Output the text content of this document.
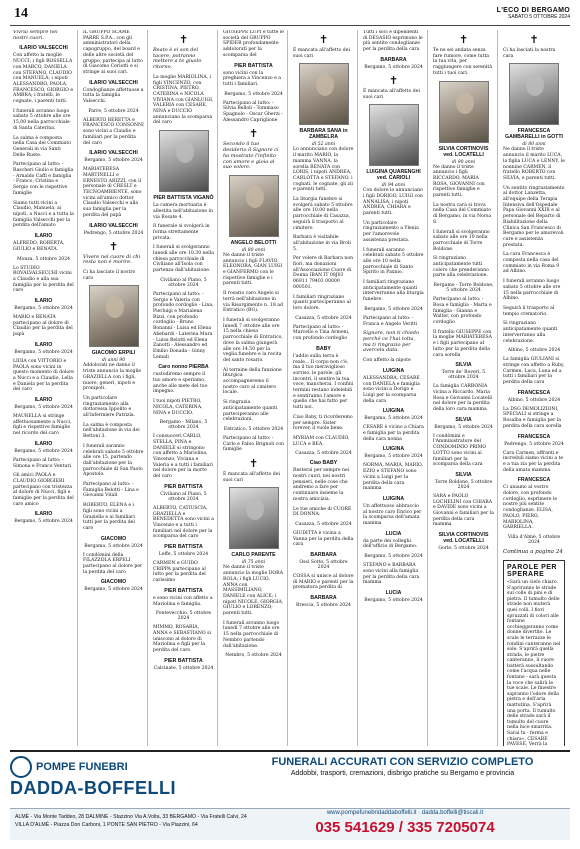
14	L'ECO DI BERGAMO
SABATO 5 OTTOBRE 2024
Vivrai sempre nei nostri cuori.
ILARIO VALSECCHI
Con affetto la moglie NUCCI; i figli ROSSELLA con MARCO, DANIELA con STEFANO, CLAUDIO con MANUELA; i nipoti ALESSANDRO, PAOLA, FRANCESCO, GIORGIO e AMBRA; i fratelli, le cognate, i parenti tutti.
I funerali avranno luogo sabato 5 ottobre alle ore 15,00 nella parrocchiale di Santa Caterina.
La salma è composta nella Casa del Commiato Generali in via Santi Delle Ruste.
Partecipano al lutto: - Rascheri Giulio e famiglia - Arnaldo Caffi e famiglia - Franco, Cristina e Sergio con le rispettive famiglie
Siamo tutti vicini a Claudio, Manuela, ai nipoti, a Nucci e a tutta la famiglia Valsecchi per la perdita dell'amato
ILARIO
ALFREDO, ROBERTA, GIULIO e RENATA.
Monza, 5 ottobre 2024
Lo STUDIO ROVALVALSECCHI vicini a Claudio e alla sua famiglia per la perdita del caro
ILARIO
Bergamo, 5 ottobre 2024
MARIO e RENATA partecipano al dolore di Claudio per la perdita del papà
ILARIO
Bergamo, 5 ottobre 2024
LIDIA con VITTORIO e PAOLA sono vicini in questo momento di dolore a Nucci e a Claudio, Lella e Daniela per la perdita del caro
ILARIO
Bergamo, 5 ottobre 2024
MAURELLA si stringe affettuosamente a Nucci, figli e rispettive famiglie nel ricordo del caro
ILARIO
Bergamo, 5 ottobre 2024
Partecipano al lutto: - Simona e Franco Venturi
Gli amici PAOLA e CLAUDIO GIORGIERI partecipano con tristezza al dolore di Nucci, figli e famiglie per la perdita del caro amico
ILARIO
Bergamo, 5 ottobre 2024
IL GRUPPO SCAME PARRE S.P.A., con gli amministratori della capogruppo, del board e delle altre società del gruppo, partecipa al lutto di Giacomo Ceriotti e si stringe ai suoi cari.
ILARIO VALSECCHI
Condoglianze affettuose a tutta la famiglia Valsecchi.
Parre, 5 ottobre 2024
ALBERTO BERETTA e FRANCESCO CONSONNI sono vicini a Claudio e familiari per la perdita del caro
ILARIO VALSECCHI
Bergamo, 5 ottobre 2024
MARIATERESA MARTINELLI e ERNESTO ARIZZI, con il personale di CRESLT e TECNOAMBIENTE, sono vicini all'amico dottor Claudio Valsecchi e alla sua famiglia per la perdita del papà
ILARIO VALSECCHI
Pedrengo, 5 ottobre 2024
✝
Vivere nel cuore di chi resta non è morire.
Ci ha lasciato il nostro caro
GIACOMO ERPILI
di anni 90
Addolorati ne danno il triste annuncio la moglie GRAZIELLA con i figli, nuore, generi, nipoti e pronipoti.
Un particolare ringraziamento alla dottoressa Ippolito e all'infermiere Patrizia.
La salma è composta nell'abitazione in via dei Bettoni 3.
I funerali saranno celebrati sabato 5 ottobre alle ore 15, partendo dall'abitazione per la parrocchiale di San Paolo Apostolo.
Partecipano al lutto: - Famiglia Belotti - Lina e Giovanni Vitali
ROBERTO, ELENA e i figli sono vicini a Graziella e ai familiari tutti per la perdita del caro
GIACOMO
Bergamo, 5 ottobre 2024
I condòmini della FILAZZOLA ERPELI partecipano al dolore per la perdita del caro
GIACOMO
Bergamo, 5 ottobre 2024
✝
Beato è ei son del tacere, potranno mettere a te giusto ritorno.
La moglie MARIOLINA, i figli VINCENZO, con CRISTINA, PIETRO, CATERINA e NICOLA VIVIANA con GIANLUIGI, VALERIA con CESARE, NINA e DUCCIO annunciano la scomparsa del caro
PIER BATTISTA VIGANÒ
La camera mortuaria è allestita nell'abitazione in via Rosate 4.
Il funerale si svolgerà in forma strettamente privata.
I funerali si svolgeranno lunedì alle ore 10.30 nella chiesa parrocchiale di Civiliano all'Isola con partenza dall'abitazione.
Civiliano al Piano, 5 ottobre 2024
Partecipano al lutto: - Sergio e Valeria con profondo cordoglio - Lina, Pierluigi e Marialena Rizzi, con profondo cordoglio - Bruno Bonanni - Luisa ed Elena Abebardi - Laterina Mura - Luisa Belotti ed Elena Zanotti - Alessandro ed Emilio Donada - Ginny Lemali
Caro nonno PIERBA
custodiremo sempre il tuo amore e speriamo, anche alle mete del tuo impegno.
I tuoi nipoti PIETRO, NICOLA, CATERINA, NINA e DUCCIO.
Bergamo - Milano, 5 ottobre 2024
I consuoceri CARLO, STELLA, PINA e DANIELE si stringono con affetto a Mariolina, Vincenzo, Viviana e Valeria e a tutti i familiari nel dolore per la morte del caro
PIER BATTISTA
Civiliano al Piano, 5 ottobre 2024
ALBERTO, CATIUSCIA, GRAZIELLA e BENEDETTA sono vicini a Vincenzo e a tutti i familiari nel dolore per la scomparsa del caro
PIER BATTISTA
Leffe, 5 ottobre 2024
CARMEN e GUIDO CRIPPA partecipano al lutto per la perdita del carissimo
PIER BATTISTA
e sono vicini con affetto a Mariolina e famiglia.
Pontevecchio, 5 ottobre 2024
MIMMO, ROSARIA, ANNA e SEBASTIANO si uniscono al dolore di Mariolina e figli per la perdita del caro
PIER BATTISTA
Calcinate, 5 ottobre 2024
GIUSEPPE LUPI e tutte le società del GRUPPO SPIDER profondamente addolorati per la scomparsa del
PIER BATTISTA
sono vicini con la preghiera a Vincenzo e a tutti i familiari.
Bergamo, 5 ottobre 2024
Partecipano al lutto: - Silvia Belloli - Tommaso Spagnolo - Oscar Gherzi - Alessandro Capriglione
✝
Secondo il tuo desiderio il Signore ci ha mostrato l'infinito con amore e gioia al suo volere.
ANGELO BELOTTI
di 80 anni
Ne danno il triste annuncio i figli FLAVIO, ELEONORA, GIAN LUIGI e GIANFERMO con le rispettive famiglie e i parenti tutti.
Il rosario caro Angelo si terrà nell'abitazione in via Risorgimento n. 18 ad Entratico (BG).
I funerali si svolgeranno lunedì 7 ottobre alle ore 15 nella chiesa parrocchiale di Entratico, dove la salma giungerà alle ore 14.50 per la veglia funebre e la recita del santo rosario.
Al termine della funzione liturgica accompagneremo il nostro caro al cimitero locale.
Si ringrazia anticipatamente quanti parteciperanno alle celebrazioni.
Entratico, 5 ottobre 2024
Partecipano al lutto: - Carlo e Fabio Brignoli con famiglie
✝
È mancata all'affetto dei suoi cari
CARLO PARENTE
di 75 anni
Ne danno il triste annuncio la moglie DORA BOLA; i figli LUCIO, ANNA con MASSIMILIANO, DANIELE con ALICE; i nipoti NICOLE, GIORGIA, GIULIO e LORENZO; parenti tutti.
I funerali avranno luogo lunedì 7 ottobre alle ore 15 nella parrocchiale di Nembro partendo dall'abitazione.
Nembro, 5 ottobre 2024
✝
È mancata all'affetto dei suoi cari
BARBARA SANA in ZAMBELRA
di 52 anni
Lo annunciano con dolore il marito MARIO, la mamma VANNA, la sorella RENATA con LORIS, i nipoti ANDREA, CARLOTTA e STEFANO, i cognati, le cognate, gli zii e parenti tutti.
La liturgia funebre si svolgerà sabato 5 ottobre alle ore 10.00 nella parrocchiale di Casazza, seguirà il trasporto al cimitero.
Barbara è visitabile all'abitazione in via Broli 5.
Per volere di Barbara non fiori, ma donazioni all'Associazione Cuore di Donna IBAN IT 08J03 06911 79403 00000 000501.
I familiari ringraziano quanti parteciperanno al loro dolore.
Casazza, 5 ottobre 2024
Partecipano al lutto: - Marcello e Tina Armeni, con profondo cordoglio
BABY
l'addio sulla terra è reale... Il corpo non c'è, ma il tuo meraviglioso sorriso, le parole, gli incontri, il sentire la tua voce, mancherai. I confini termini restano indelebili e sentiranno l'amore e quello che hai fatto per tutti noi.
Ciao Baby, ti ricorderemo per sempre. Sister forever, il vuole bene.
MYRIAM con CLAUDIO, LUCA e BEA.
Casazza, 5 ottobre 2024
Ciao BABY
Resterai per sempre nei nostri cuori, nei nostri pensieri, nelle cose che andremo a fare per continuare insieme la nostra amicizia.
Le tue amiche di CUORE DI DONNA.
Casazza, 5 ottobre 2024
GIUDITTA è vicina a Vanna per la perdita della cara
BARBARA
Ossi Sotto, 5 ottobre 2024
COSSA si unisce al dolore di MARIO e parenti per la prematura perdita di
BARBARA
Brescia, 5 ottobre 2024
Tutti i soci e dipendenti di DESASIO esprimono le più sentite condoglianze per la perdita della cara
BARBARA
Bergamo, 5 ottobre 2024
✝
È mancata all'affetto dei suoi cari
LUIGINA QUARENGHI ved. CARIOLI
di 94 anni
Con dolore lo annunciano i figli DORIGO, LUIGI con ANNALISA, i nipoti ANDREA, CHIARA e parenti tutti.
Un particolare ringraziamento a Ylenia per l'amorevole assistenza prestata.
I funerali saranno celebrati sabato 5 ottobre alle ore 10 nella parrocchiale di Santo Spirito in Paxnio.
I familiari ringraziano anticipatamente quanti interverranno alla liturgia funebre.
Bergamo, 5 ottobre 2024
Partecipano al lutto: - Franca e Angelo Veritti
Signore, non ti chiedo perché ce l'hai tolta, ma ti ringrazio per avercela data.
Con affetto la nipote
LUIGINA
ALESSANDRA, CESARE con DANIELA e famiglia sono vicini a Dorigo e Luigi per la scomparsa della cara
LUIGINA
Bergamo, 5 ottobre 2024
CESARE è vicino a Chiara e famiglia per la perdita della cara nonna
LUIGINA
Bergamo, 5 ottobre 2024
NORMA, MARIA, MARIO, EZIO e STEFANO sono vicini a Luigi per la perdita della cara mamma
LUIGINA
Un affettuoso abbraccio al nostro caro Enrico per la scomparsa dell'amata mamma
LUCIA
da parte dei colleghi dell'ufficio di Bergamo.
Bergamo, 5 ottobre 2024
STEFANO e BARBARA sono vicini alla famiglia per la perdita della cara mamma
LUCIA
Bergamo, 5 ottobre 2024
✝
Te ne sei andata senza fare rumore, come tutta la tua vita, per raggiungere con serenità tutti i tuoi cari.
SILVIA CORTINOVIS ved. LOCATELLI
di 90 anni
Ne danno il triste annuncio i figli RICCARDO, MARIA ROSA, GIOVANNI con rispettive famiglie e parenti tutti.
La nostra cara si trova nella Casa del Commiato di Bergamo, in via Norsa 8.
I funerali si svolgeranno sabato alle ore 10 nella parrocchiale di Torre Boldone.
Si ringraziano anticipatamente tutti coloro che prenderanno parte alla celebrazione.
Bergamo - Torre Boldone, 5 ottobre 2024
Partecipano al lutto: - Rosa e famiglia - Marta e famiglia - Gianna e Walter, con profondo cordoglio
Il fratello GIUSEPPE con la moglie MARIATERESA e i figli partecipano al lutto per la perdita della cara sorella
SILVIA
Torre de' Roveri, 5 ottobre 2024
La famiglia CARBONIA vicina a Riccardo, Maria Rosa e Giovanni Locatelli nel dolore per la perdita della loro cara mamma
SILVIA
Bergamo, 5 ottobre 2024
I condòmini e l'Amministratore del CONDOMINIO PRIMO LOTTO sono vicini ai familiari per la scomparsa della cara
SILVIA
Torre Boldone, 5 ottobre 2024
SARA e PAOLO LOCHELINI con CHIARA e DAVIDE sono vicini a Giovanni e familiari per la perdita della cara mamma
SILVIA CORTINOVIS ved. LOCATELLI
Gorle, 5 ottobre 2024
✝
Ci ha lasciati la nostra cara
FRANCESCA GAMBARELLI in GOTTI
di 80 anni
Ne danno il triste annuncio il marito LUCA, la figlia LUCA e LENNY, le nonnine CARMEN, il fratello ROBERTO con SILVIA, e parenti tutti.
Un sentito ringraziamento al dottor Lanzetta, all'equipe della Terapia Intensiva dell'Ospedale Papa Giovanni XXIII e al personale del Reparto di Riabilitazione della Clinica San Francesco di Bergamo per le amorevoli cure e assistenza prestata.
La cara Francesca è composta nella casa del commiato in via Roma 9 ad Albino.
I funerali avranno luogo sabato 5 ottobre alle ore 15 nella parrocchiale di Albino.
Seguirà il trasporto al tempio crematorio.
Si ringraziano anticipatamente quanti interverranno alla celebrazione.
Albino, 5 ottobre 2024
La famiglia GIULIANI si stringe con affetto a Ruby, Carmen, Luca, Luna ed a tutti i familiari per la perdita della cara
FRANCESCA
Albino, 5 ottobre 2024
La DSG DEMOLIZIONI, SPECIALI si stringe a Rosalba e famiglia per la perdita della cara sorella
FRANCESCA
Pedrengo, 5 ottobre 2024
Cara Carmen, affranti e increduli siamo vicini a te e a tua zia per la perdita della amata mamma
FRANCESCA
Ci uniamo al vostro dolore, con profondo cordoglio, esprimere le nostre più sentite condoglianze. ELISA, PAOLO, PIERO, MARIOLINA, GABRIELLA.
Villa d'Almè, 5 ottobre 2024
Continua a pagina 24
PAROLE PER SPERARE
«Sarà un cielo chiaro. S'apriranno le strade sul colle di pini e di pietra. Il tumulto delle strade non muterà quei colli. I fiori spruzzati di colori alle fontane occhieggeranno come donne divertite. Le scale le terrazze le rondini canteranno nel sole. S'aprirà quella strada, le pietre canteranno, il cuore batterà sussultando come l'acqua nelle fontane - sarà questa la voce che salirà le tue scale. Le finestre sapranno l'odore della pietra e dell'aria mattutina. S'aprirà una porta. Il tumulto delle strade sarà il tumulto del cuore nella luce smarrita. Sarai tu - ferma e chiara». CESARE PAVESE, Verrà la
POMPE FUNEBRI
DADDA-BOFFELLI
FUNERALI ACCURATI CON SERVIZIO COMPLETO
Addobbi, trasporti, cremazioni, disbrigo pratiche su Bergamo e provincia
ALMÈ - Via Monte Taddeo, 28 DALMINE - Stazzino Via A.Volta, 33 BERGAMO - Via Fratelli Calvi, 24
VILLA D'ALMÈ - Piazza Don Carboni, 1 PONTE SAN PIETRO - Via Piazzini, 64
www.pompefunebridaddaboffelli.it · dadda.boffelli@tiscali.it
035 541629 / 335 7205074
